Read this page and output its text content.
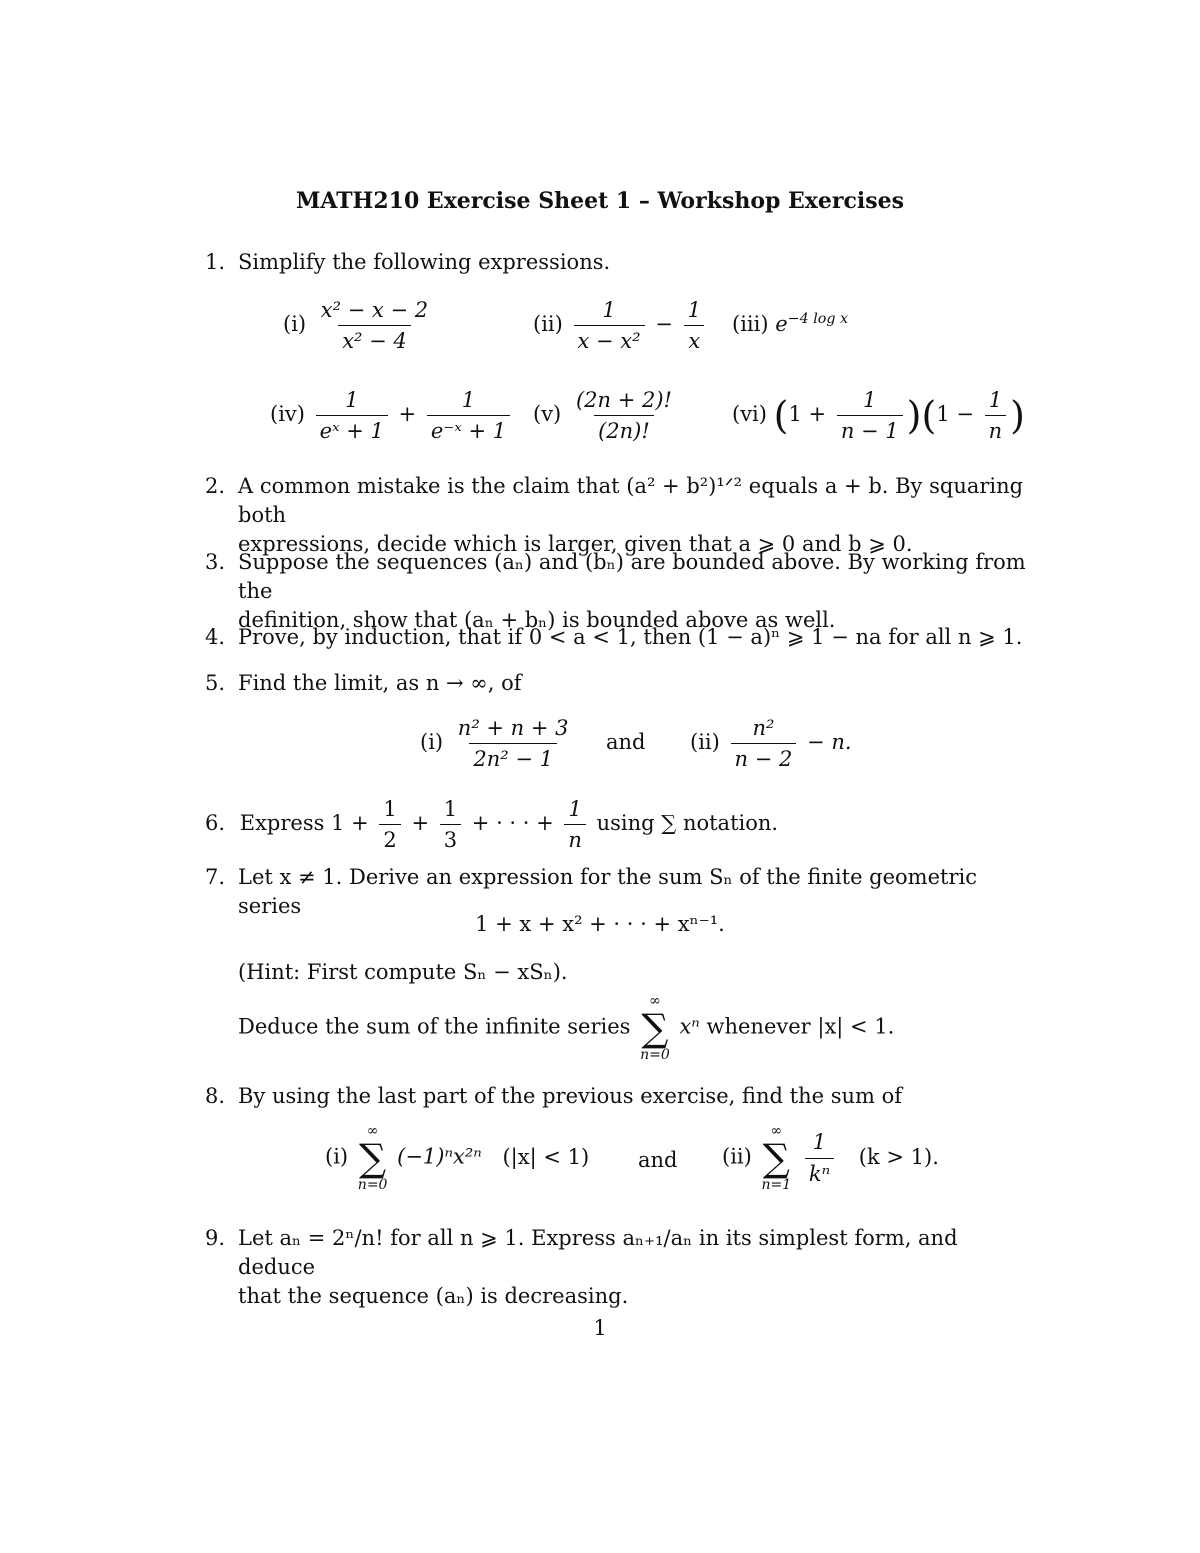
MATH210 Exercise Sheet 1 – Workshop Exercises
1. Simplify the following expressions.
$(i) \frac{\text{x² − x − 2}}{\text{x² − 4}}$	$(ii) \frac{1}{\text{x − x²}} - \frac{1}{x} (iii)$ $e^{-4 log x}$
$(iv) \frac{1}{\text{eˣ + 1}} + \frac{1}{\text{e⁻ˣ + 1}} (v) \frac{(2n + 2)!}{(2n)!}$	(vi) $(1 + \frac{1}{n - 1} )(1 - \frac{1}{n}$ )
2. A common mistake is the claim that (a² + b²)¹ᐟ² equals a + b. By squaring both
expressions, decide which is larger, given that a ⩾ 0 and b ⩾ 0.
3. Suppose the sequences (aₙ) and (bₙ) are bounded above. By working from the
definition, show that (aₙ + bₙ) is bounded above as well.
4. Prove, by induction, that if 0 < a < 1, then (1 − a)ⁿ ⩾ 1 − na for all n ⩾ 1.
5. Find the limit, as n → ∞, of
$(i) \frac{\text{n² + n + 3}}{\text{2n² − 1}}$ and $(ii) \frac{\text{n²}}{n - 2} - n$.
6. Express $1 + \frac{1}{2} + \frac{1}{3}$ + · · · + $\frac{1}{n}$ using ∑ notation.
7. Let x ≠ 1. Derive an expression for the sum Sₙ of the finite geometric series
1 + x + x² + · · · + xⁿ⁻¹.
(Hint: First compute Sₙ − xSₙ).
Deduce the sum of the infinite series
∞
∑
n=0
xⁿ whenever |x| < 1.
8. By using the last part of the previous exercise, find the sum of
(i)
∞
∑
n=0
(−1)ⁿx²ⁿ (|x| < 1) and (ii)
∞
∑
n=1
$\frac{1}{\text{kⁿ}} (k > 1)$.
9. Let aₙ = 2ⁿ/n! for all n ⩾ 1. Express aₙ₊₁/aₙ in its simplest form, and deduce
that the sequence (aₙ) is decreasing.
1
